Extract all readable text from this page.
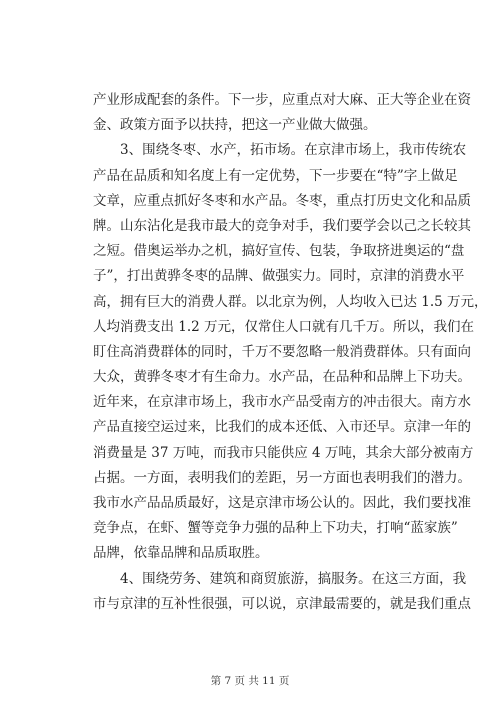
产业形成配套的条件。下一步，应重点对大麻、正大等企业在资
金、政策方面予以扶持，把这一产业做大做强。
3、围绕冬枣、水产，拓市场。在京津市场上，我市传统农
产品在品质和知名度上有一定优势，下一步要在“特”字上做足
文章，应重点抓好冬枣和水产品。冬枣，重点打历史文化和品质
牌。山东沾化是我市最大的竞争对手，我们要学会以己之长较其
之短。借奥运举办之机，搞好宣传、包装，争取挤进奥运的“盘
子”，打出黄骅冬枣的品牌、做强实力。同时，京津的消费水平
高，拥有巨大的消费人群。以北京为例，人均收入已达 1.5 万元，
人均消费支出 1.2 万元，仅常住人口就有几千万。所以，我们在
盯住高消费群体的同时，千万不要忽略一般消费群体。只有面向
大众，黄骅冬枣才有生命力。水产品，在品种和品牌上下功夫。
近年来，在京津市场上，我市水产品受南方的冲击很大。南方水
产品直接空运过来，比我们的成本还低、入市还早。京津一年的
消费量是 37 万吨，而我市只能供应 4 万吨，其余大部分被南方
占据。一方面，表明我们的差距，另一方面也表明我们的潜力。
我市水产品品质最好，这是京津市场公认的。因此，我们要找准
竞争点，在虾、蟹等竞争力强的品种上下功夫，打响“蓝家族”
品牌，依靠品牌和品质取胜。
4、围绕劳务、建筑和商贸旅游，搞服务。在这三方面，我
市与京津的互补性很强，可以说，京津最需要的，就是我们重点
第 7 页 共 11 页
